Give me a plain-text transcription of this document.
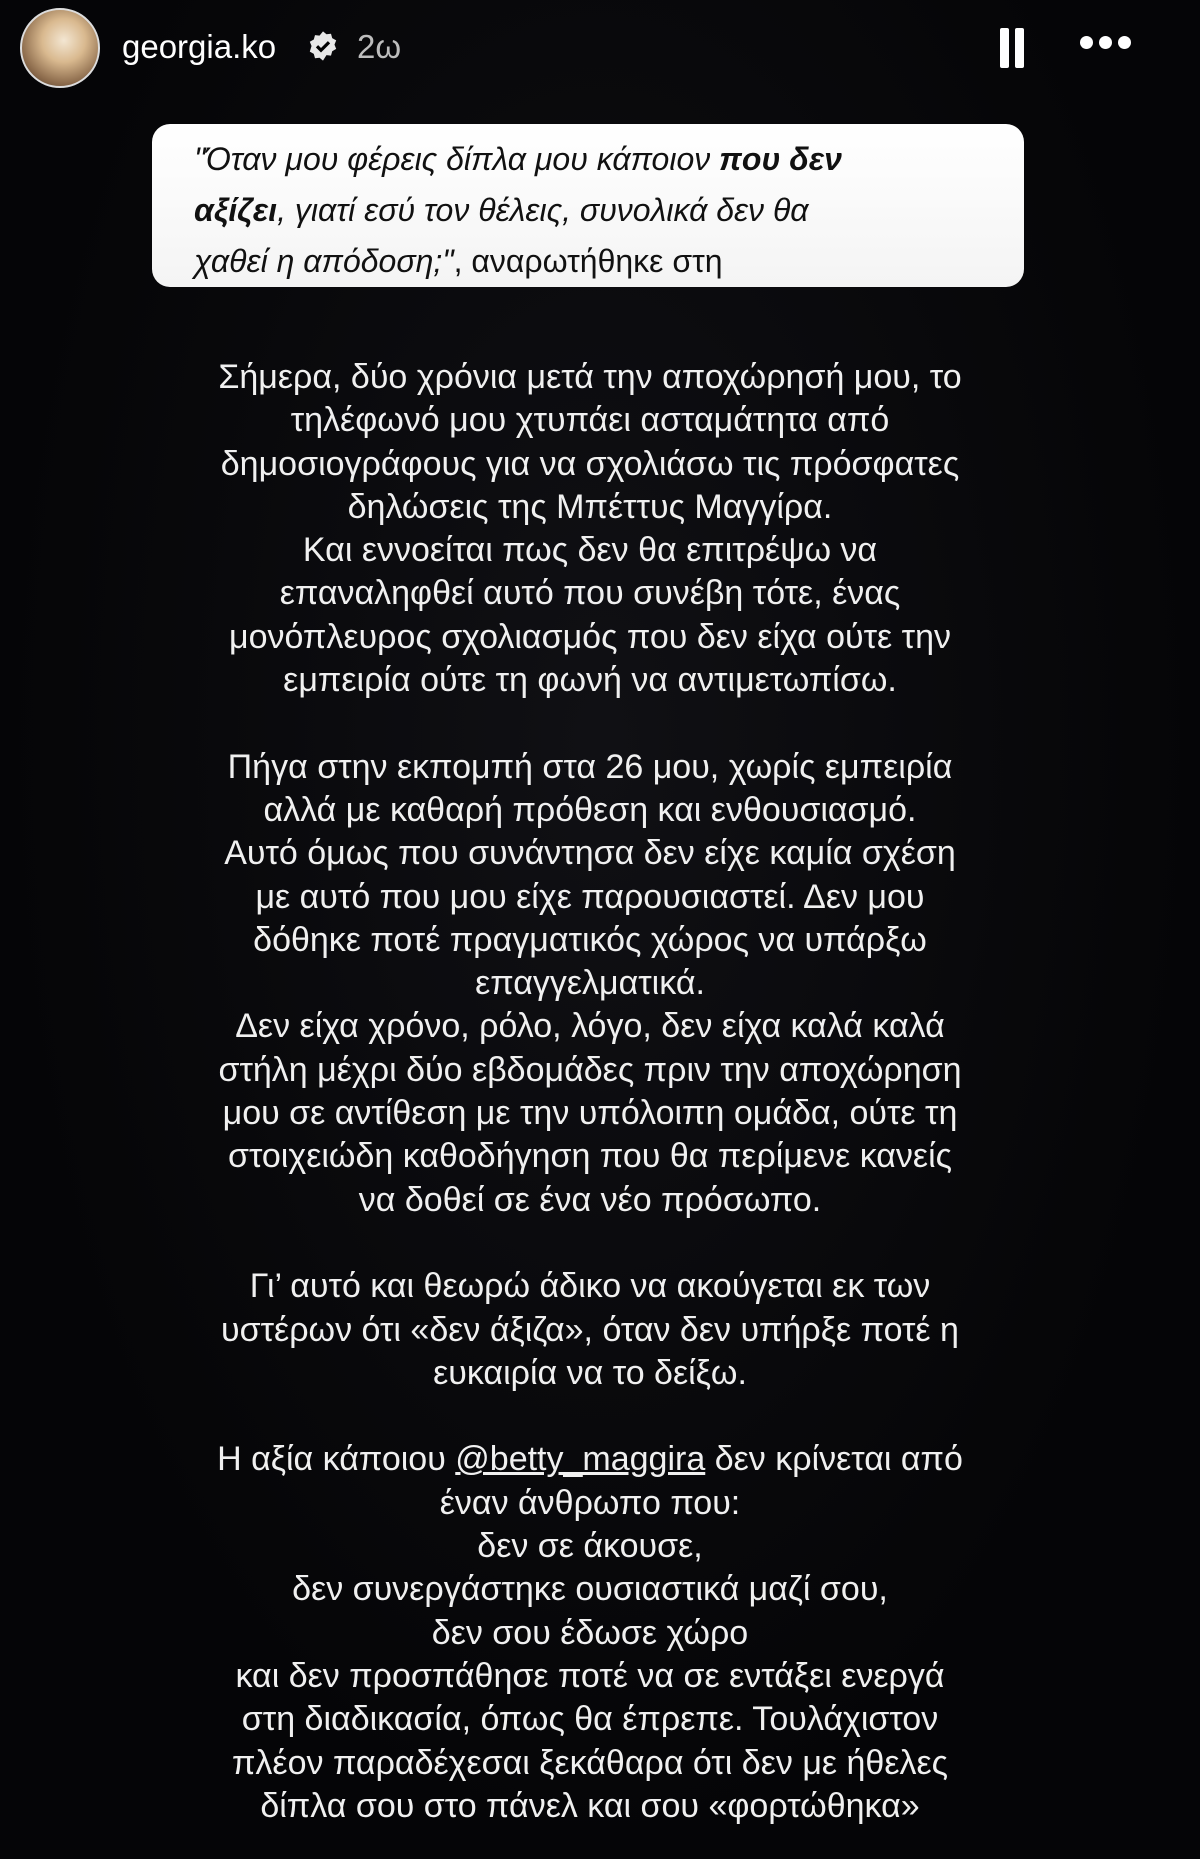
georgia.ko 2ω
"Όταν μου φέρεις δίπλα μου κάποιον που δεν
αξίζει, γιατί εσύ τον θέλεις, συνολικά δεν θα
χαθεί η απόδοση;", αναρωτήθηκε στη
Σήμερα, δύο χρόνια μετά την αποχώρησή μου, το
τηλέφωνό μου χτυπάει ασταμάτητα από
δημοσιογράφους για να σχολιάσω τις πρόσφατες
δηλώσεις της Μπέττυς Μαγγίρα.
Και εννοείται πως δεν θα επιτρέψω να
επαναληφθεί αυτό που συνέβη τότε, ένας
μονόπλευρος σχολιασμός που δεν είχα ούτε την
εμπειρία ούτε τη φωνή να αντιμετωπίσω.
Πήγα στην εκπομπή στα 26 μου, χωρίς εμπειρία
αλλά με καθαρή πρόθεση και ενθουσιασμό.
Αυτό όμως που συνάντησα δεν είχε καμία σχέση
με αυτό που μου είχε παρουσιαστεί. Δεν μου
δόθηκε ποτέ πραγματικός χώρος να υπάρξω
επαγγελματικά.
Δεν είχα χρόνο, ρόλο, λόγο, δεν είχα καλά καλά
στήλη μέχρι δύο εβδομάδες πριν την αποχώρηση
μου σε αντίθεση με την υπόλοιπη ομάδα, ούτε τη
στοιχειώδη καθοδήγηση που θα περίμενε κανείς
να δοθεί σε ένα νέο πρόσωπο.
Γι’ αυτό και θεωρώ άδικο να ακούγεται εκ των
υστέρων ότι «δεν άξιζα», όταν δεν υπήρξε ποτέ η
ευκαιρία να το δείξω.
Η αξία κάποιου @betty_maggira δεν κρίνεται από
έναν άνθρωπο που:
δεν σε άκουσε,
δεν συνεργάστηκε ουσιαστικά μαζί σου,
δεν σου έδωσε χώρο
και δεν προσπάθησε ποτέ να σε εντάξει ενεργά
στη διαδικασία, όπως θα έπρεπε. Τουλάχιστον
πλέον παραδέχεσαι ξεκάθαρα ότι δεν με ήθελες
δίπλα σου στο πάνελ και σου «φορτώθηκα»
